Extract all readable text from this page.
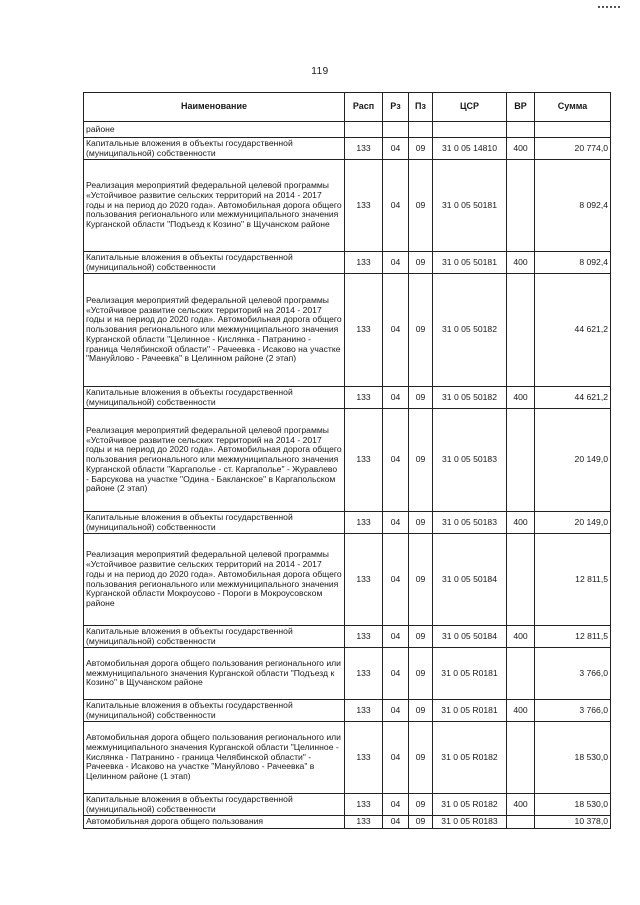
119
Наименование	Расп	Рз	Пз	ЦСР	ВР	Сумма
районе						
Капитальные вложения в объекты государственной (муниципальной) собственности	133	04	09	31 0 05 14810	400	20 774,0
Реализация мероприятий федеральной целевой программы «Устойчивое развитие сельских территорий на 2014 - 2017 годы и на период до 2020 года». Автомобильная дорога общего пользования регионального или межмуниципального значения Курганской области "Подъезд к Козино" в Щучанском районе	133	04	09	31 0 05 50181		8 092,4
Капитальные вложения в объекты государственной (муниципальной) собственности	133	04	09	31 0 05 50181	400	8 092,4
Реализация мероприятий федеральной целевой программы «Устойчивое развитие сельских территорий на 2014 - 2017 годы и на период до 2020 года». Автомобильная дорога общего пользования регионального или межмуниципального значения Курганской области "Целинное - Кислянка - Патранино - граница Челябинской области" - Рачеевка - Исаково на участке "Мануйлово - Рачеевка" в Целинном районе (2 этап)	133	04	09	31 0 05 50182		44 621,2
Капитальные вложения в объекты государственной (муниципальной) собственности	133	04	09	31 0 05 50182	400	44 621,2
Реализация мероприятий федеральной целевой программы «Устойчивое развитие сельских территорий на 2014 - 2017 годы и на период до 2020 года». Автомобильная дорога общего пользования регионального или межмуниципального значения Курганской области "Каргаполье - ст. Каргаполье" - Журавлево - Барсукова на участке "Одина - Бакланское" в Каргапольском районе (2 этап)	133	04	09	31 0 05 50183		20 149,0
Капитальные вложения в объекты государственной (муниципальной) собственности	133	04	09	31 0 05 50183	400	20 149,0
Реализация мероприятий федеральной целевой программы «Устойчивое развитие сельских территорий на 2014 - 2017 годы и на период до 2020 года». Автомобильная дорога общего пользования регионального или межмуниципального значения Курганской области Мокроусово - Пороги в Мокроусовском районе	133	04	09	31 0 05 50184		12 811,5
Капитальные вложения в объекты государственной (муниципальной) собственности	133	04	09	31 0 05 50184	400	12 811,5
Автомобильная дорога общего пользования регионального или межмуниципального значения Курганской области "Подъезд к Козино" в Щучанском районе	133	04	09	31 0 05 R0181		3 766,0
Капитальные вложения в объекты государственной (муниципальной) собственности	133	04	09	31 0 05 R0181	400	3 766,0
Автомобильная дорога общего пользования регионального или межмуниципального значения Курганской области "Целинное - Кислянка - Патранино - граница Челябинской области" - Рачеевка - Исаково на участке "Мануйлово - Рачеевка" в Целинном районе (1 этап)	133	04	09	31 0 05 R0182		18 530,0
Капитальные вложения в объекты государственной (муниципальной) собственности	133	04	09	31 0 05 R0182	400	18 530,0
Автомобильная дорога общего пользования	133	04	09	31 0 05 R0183		10 378,0
